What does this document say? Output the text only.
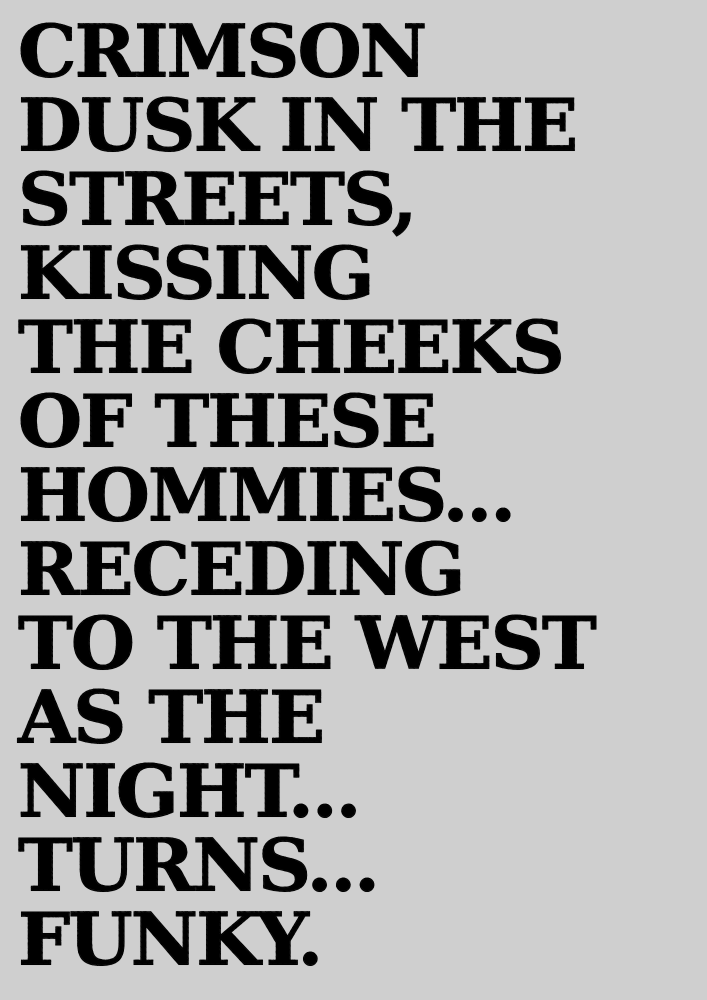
CRIMSON
DUSK IN THE
STREETS,
KISSING
THE CHEEKS
OF THESE
HOMMIES...
RECEDING
TO THE WEST
AS THE
NIGHT...
TURNS...
FUNKY.
